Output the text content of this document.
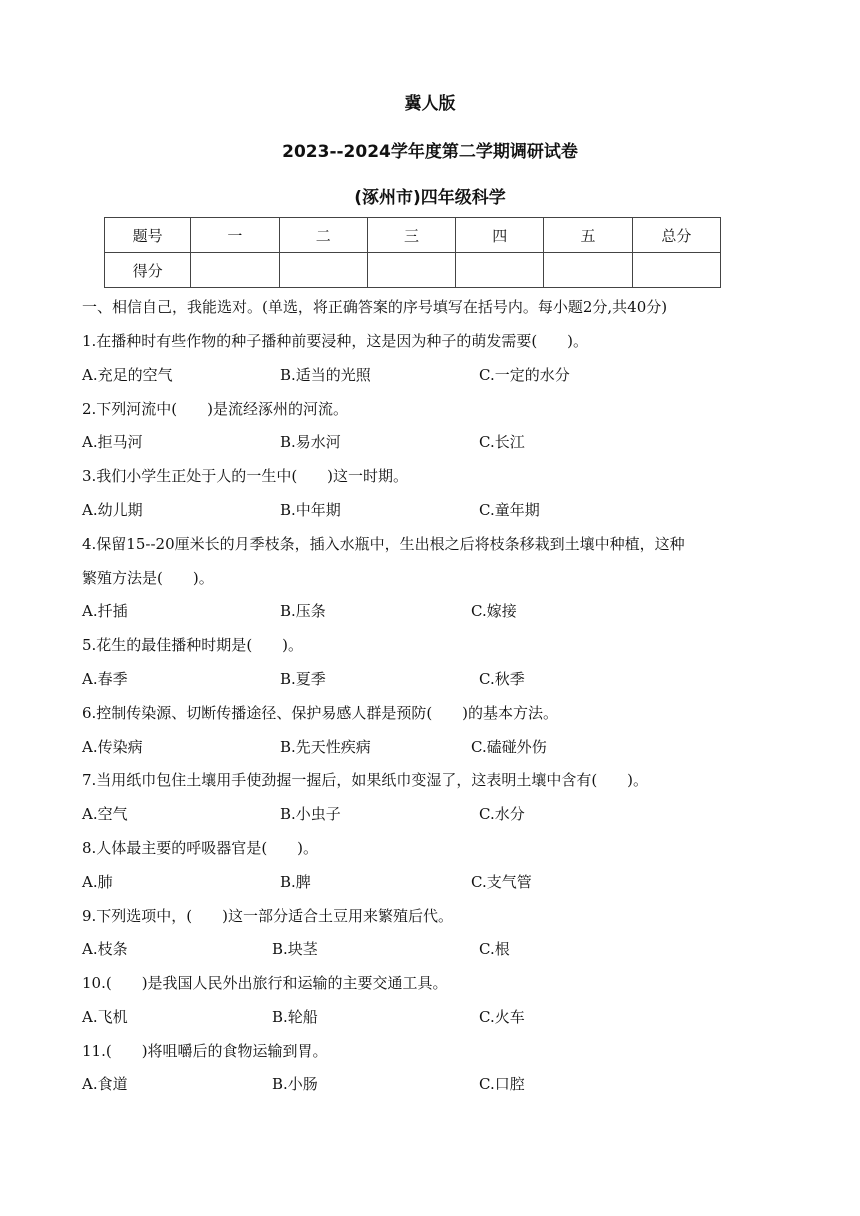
冀人版
2023--2024学年度第二学期调研试卷
(涿州市)四年级科学
题号	一	二	三	四	五	总分
得分						
一、相信自己，我能选对。(单选，将正确答案的序号填写在括号内。每小题2分,共40分)
1.在播种时有些作物的种子播种前要浸种，这是因为种子的萌发需要(　　)。
A.充足的空气	B.适当的光照	C.一定的水分
2.下列河流中(　　)是流经涿州的河流。
A.拒马河	B.易水河	C.长江
3.我们小学生正处于人的一生中(　　)这一时期。
A.幼儿期	B.中年期	C.童年期
4.保留15--20厘米长的月季枝条，插入水瓶中，生出根之后将枝条移栽到土壤中种植，这种
繁殖方法是(　　)。
A.扦插	B.压条	C.嫁接
5.花生的最佳播种时期是(　　)。
A.春季	B.夏季	C.秋季
6.控制传染源、切断传播途径、保护易感人群是预防(　　)的基本方法。
A.传染病	B.先天性疾病	C.磕碰外伤
7.当用纸巾包住土壤用手使劲握一握后，如果纸巾变湿了，这表明土壤中含有(　　)。
A.空气	B.小虫子	C.水分
8.人体最主要的呼吸器官是(　　)。
A.肺	B.脾	C.支气管
9.下列选项中，(　　)这一部分适合土豆用来繁殖后代。
A.枝条	B.块茎	C.根
10.(　　)是我国人民外出旅行和运输的主要交通工具。
A.飞机	B.轮船	C.火车
11.(　　)将咀嚼后的食物运输到胃。
A.食道	B.小肠	C.口腔
